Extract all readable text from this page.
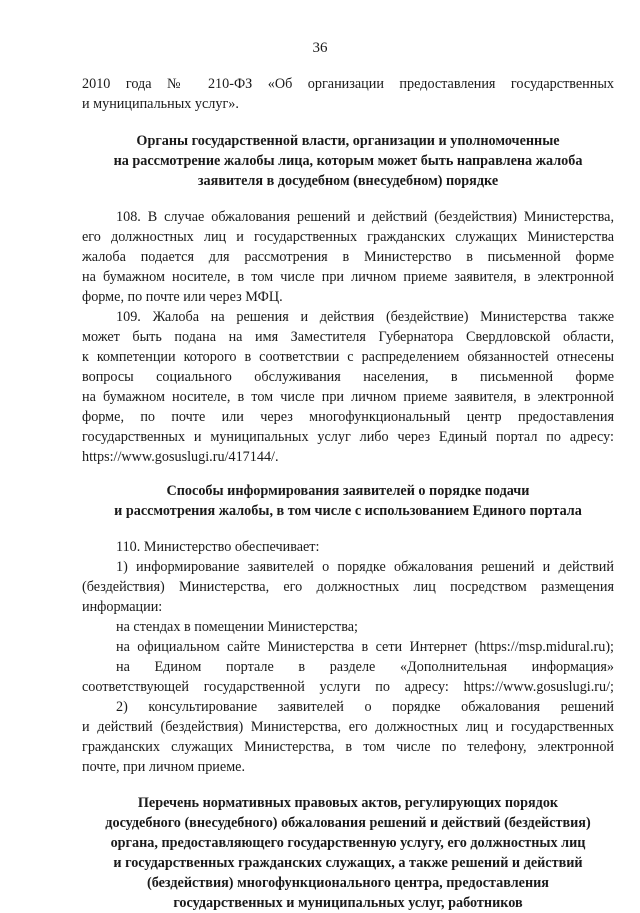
36
2010 года № 210-ФЗ «Об организации предоставления государственных
и муниципальных услуг».
Органы государственной власти, организации и уполномоченные
на рассмотрение жалобы лица, которым может быть направлена жалоба
заявителя в досудебном (внесудебном) порядке
108. В случае обжалования решений и действий (бездействия) Министерства,
его должностных лиц и государственных гражданских служащих Министерства
жалоба подается для рассмотрения в Министерство в письменной форме
на бумажном носителе, в том числе при личном приеме заявителя, в электронной
форме, по почте или через МФЦ.
109. Жалоба на решения и действия (бездействие) Министерства также
может быть подана на имя Заместителя Губернатора Свердловской области,
к компетенции которого в соответствии с распределением обязанностей отнесены
вопросы социального обслуживания населения, в письменной форме
на бумажном носителе, в том числе при личном приеме заявителя, в электронной
форме, по почте или через многофункциональный центр предоставления
государственных и муниципальных услуг либо через Единый портал по адресу:
https://www.gosuslugi.ru/417144/.
Способы информирования заявителей о порядке подачи
и рассмотрения жалобы, в том числе с использованием Единого портала
110. Министерство обеспечивает:
1) информирование заявителей о порядке обжалования решений и действий
(бездействия) Министерства, его должностных лиц посредством размещения
информации:
на стендах в помещении Министерства;
на официальном сайте Министерства в сети Интернет (https://msp.midural.ru);
на Едином портале в разделе «Дополнительная информация»
соответствующей государственной услуги по адресу: https://www.gosuslugi.ru/;
2) консультирование заявителей о порядке обжалования решений
и действий (бездействия) Министерства, его должностных лиц и государственных
гражданских служащих Министерства, в том числе по телефону, электронной
почте, при личном приеме.
Перечень нормативных правовых актов, регулирующих порядок
досудебного (внесудебного) обжалования решений и действий (бездействия)
органа, предоставляющего государственную услугу, его должностных лиц
и государственных гражданских служащих, а также решений и действий
(бездействия) многофункционального центра, предоставления
государственных и муниципальных услуг, работников
